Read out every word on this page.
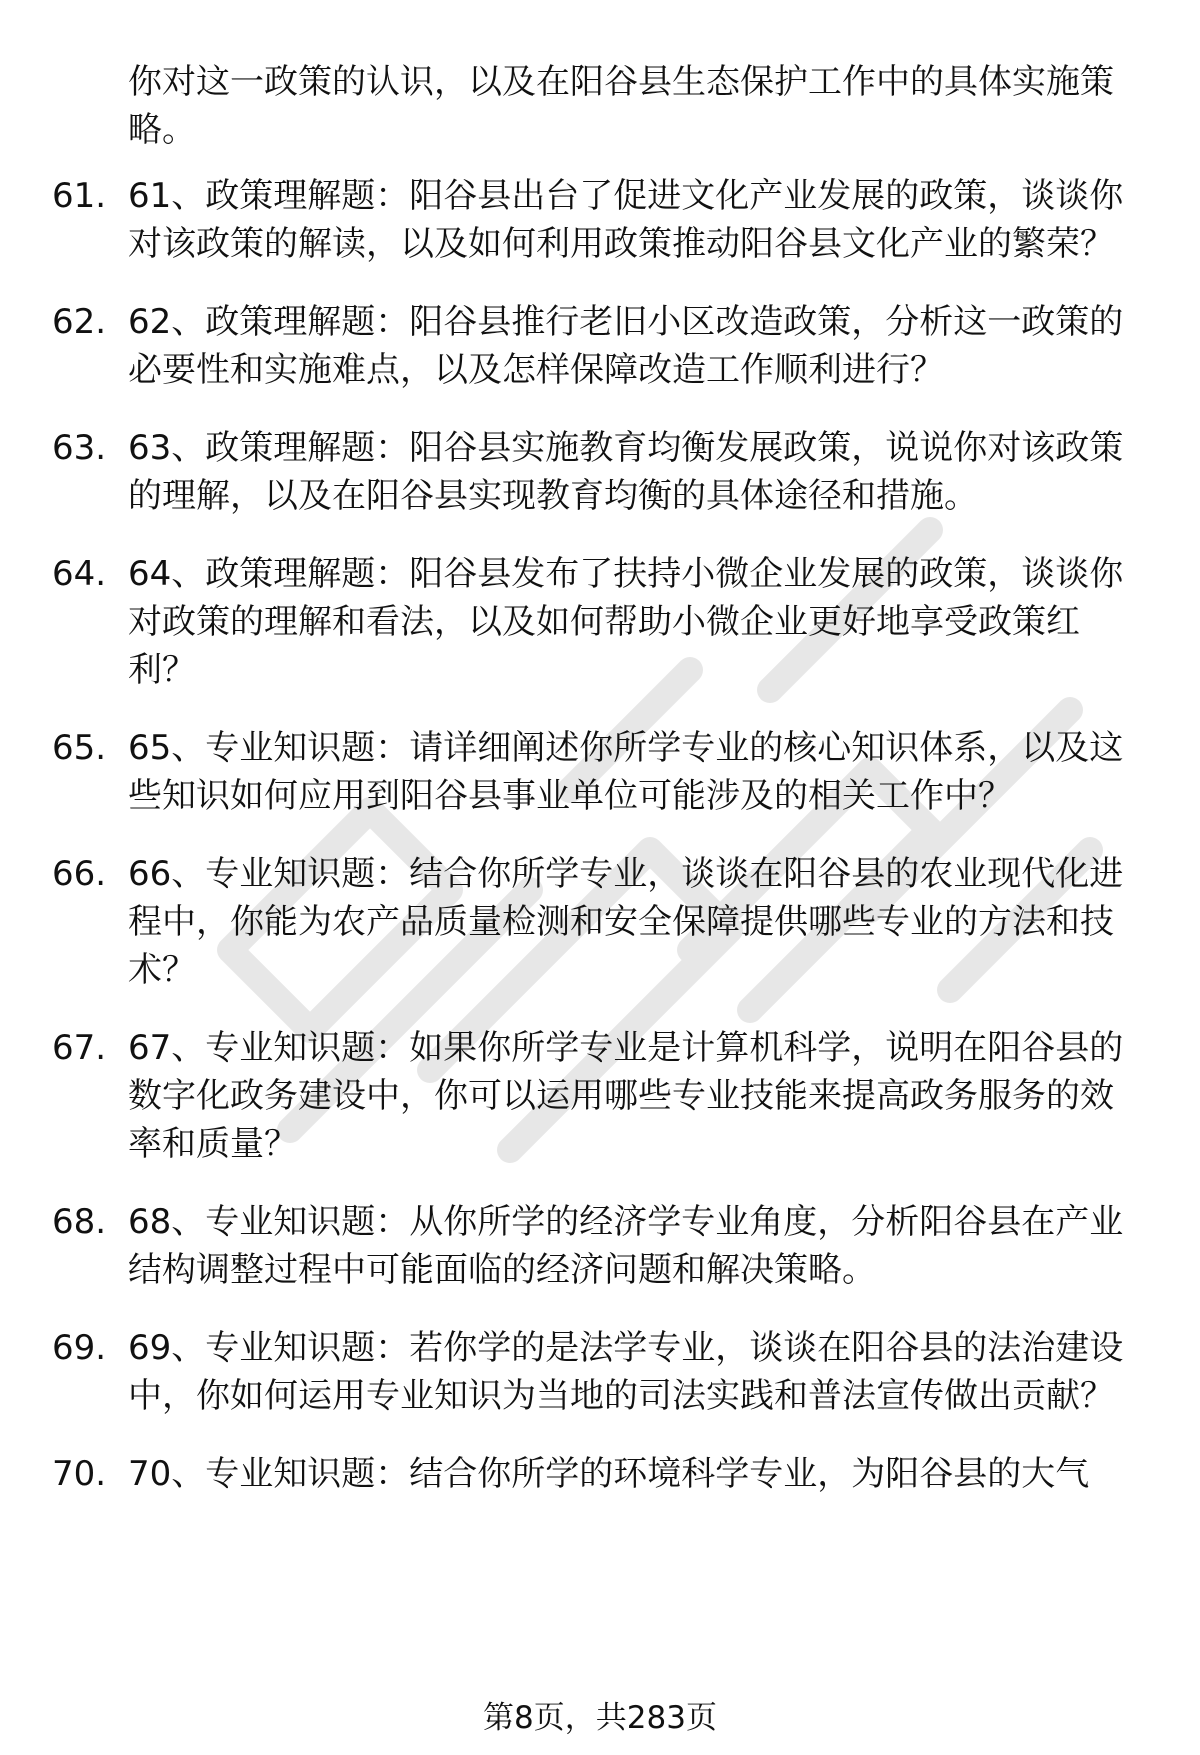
你对这一政策的认识，以及在阳谷县生态保护工作中的具体实施策略。

61. 61、政策理解题：阳谷县出台了促进文化产业发展的政策，谈谈你对该政策的解读，以及如何利用政策推动阳谷县文化产业的繁荣？
62. 62、政策理解题：阳谷县推行老旧小区改造政策，分析这一政策的必要性和实施难点，以及怎样保障改造工作顺利进行？
63. 63、政策理解题：阳谷县实施教育均衡发展政策，说说你对该政策的理解，以及在阳谷县实现教育均衡的具体途径和措施。
64. 64、政策理解题：阳谷县发布了扶持小微企业发展的政策，谈谈你对政策的理解和看法，以及如何帮助小微企业更好地享受政策红利？
65. 65、专业知识题：请详细阐述你所学专业的核心知识体系，以及这些知识如何应用到阳谷县事业单位可能涉及的相关工作中？
66. 66、专业知识题：结合你所学专业，谈谈在阳谷县的农业现代化进程中，你能为农产品质量检测和安全保障提供哪些专业的方法和技术？
67. 67、专业知识题：如果你所学专业是计算机科学，说明在阳谷县的数字化政务建设中，你可以运用哪些专业技能来提高政务服务的效率和质量？
68. 68、专业知识题：从你所学的经济学专业角度，分析阳谷县在产业结构调整过程中可能面临的经济问题和解决策略。
69. 69、专业知识题：若你学的是法学专业，谈谈在阳谷县的法治建设中，你如何运用专业知识为当地的司法实践和普法宣传做出贡献？
70. 70、专业知识题：结合你所学的环境科学专业，为阳谷县的大气
第8页，共283页
